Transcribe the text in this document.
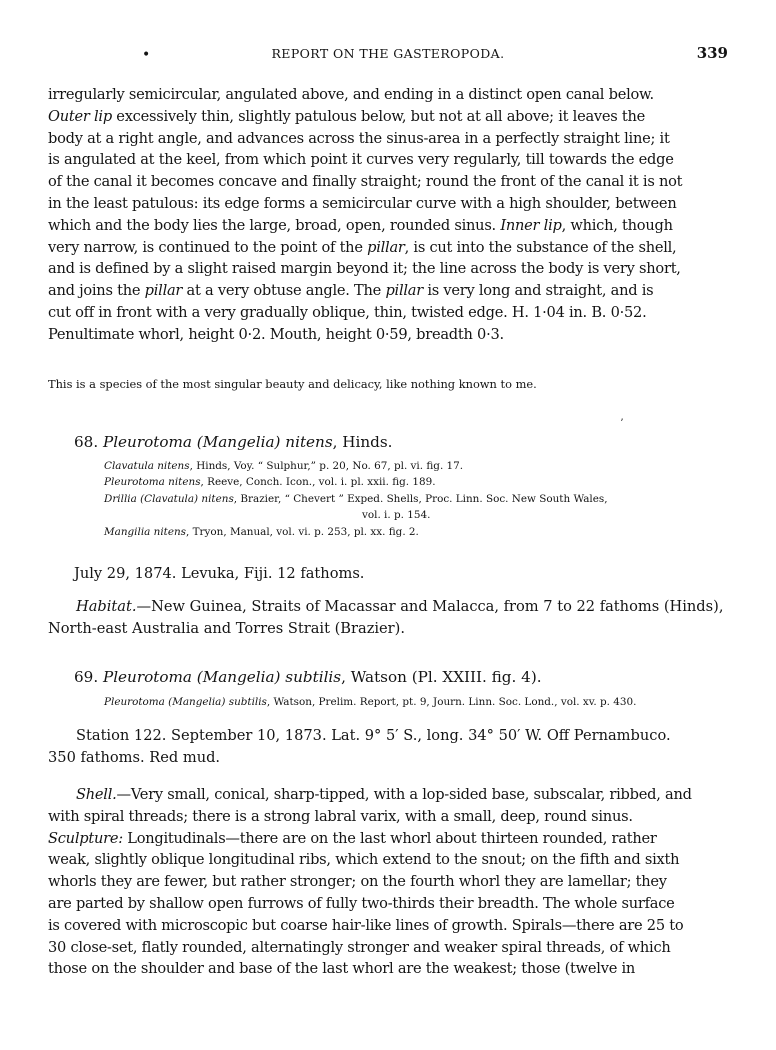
•	REPORT ON THE GASTEROPODA.	339
irregularly semicircular, angulated above, and ending in a distinct open canal below.
Outer lip excessively thin, slightly patulous below, but not at all above; it leaves the
body at a right angle, and advances across the sinus-area in a perfectly straight line; it
is angulated at the keel, from which point it curves very regularly, till towards the edge
of the canal it becomes concave and finally straight; round the front of the canal it is not
in the least patulous: its edge forms a semicircular curve with a high shoulder, between
which and the body lies the large, broad, open, rounded sinus. Inner lip, which, though
very narrow, is continued to the point of the pillar, is cut into the substance of the shell,
and is defined by a slight raised margin beyond it; the line across the body is very short,
and joins the pillar at a very obtuse angle. The pillar is very long and straight, and is
cut off in front with a very gradually oblique, thin, twisted edge. H. 1·04 in. B. 0·52.
Penultimate whorl, height 0·2. Mouth, height 0·59, breadth 0·3.
This is a species of the most singular beauty and delicacy, like nothing known to me.
ʼ
68. Pleurotoma (Mangelia) nitens, Hinds.
Clavatula nitens, Hinds, Voy. “ Sulphur,” p. 20, No. 67, pl. vi. fig. 17.
Pleurotoma nitens, Reeve, Conch. Icon., vol. i. pl. xxii. fig. 189.
Drillia (Clavatula) nitens, Brazier, “ Chevert ” Exped. Shells, Proc. Linn. Soc. New South Wales,
vol. i. p. 154.
Mangilia nitens, Tryon, Manual, vol. vi. p. 253, pl. xx. fig. 2.
July 29, 1874. Levuka, Fiji. 12 fathoms.
Habitat.—New Guinea, Straits of Macassar and Malacca, from 7 to 22 fathoms (Hinds),
North-east Australia and Torres Strait (Brazier).
69. Pleurotoma (Mangelia) subtilis, Watson (Pl. XXIII. fig. 4).
Pleurotoma (Mangelia) subtilis, Watson, Prelim. Report, pt. 9, Journ. Linn. Soc. Lond., vol. xv. p. 430.
Station 122. September 10, 1873. Lat. 9° 5′ S., long. 34° 50′ W. Off Pernambuco.
350 fathoms. Red mud.
Shell.—Very small, conical, sharp-tipped, with a lop-sided base, subscalar, ribbed, and
with spiral threads; there is a strong labral varix, with a small, deep, round sinus.
Sculpture: Longitudinals—there are on the last whorl about thirteen rounded, rather
weak, slightly oblique longitudinal ribs, which extend to the snout; on the fifth and sixth
whorls they are fewer, but rather stronger; on the fourth whorl they are lamellar; they
are parted by shallow open furrows of fully two-thirds their breadth. The whole surface
is covered with microscopic but coarse hair-like lines of growth. Spirals—there are 25 to
30 close-set, flatly rounded, alternatingly stronger and weaker spiral threads, of which
those on the shoulder and base of the last whorl are the weakest; those (twelve in
